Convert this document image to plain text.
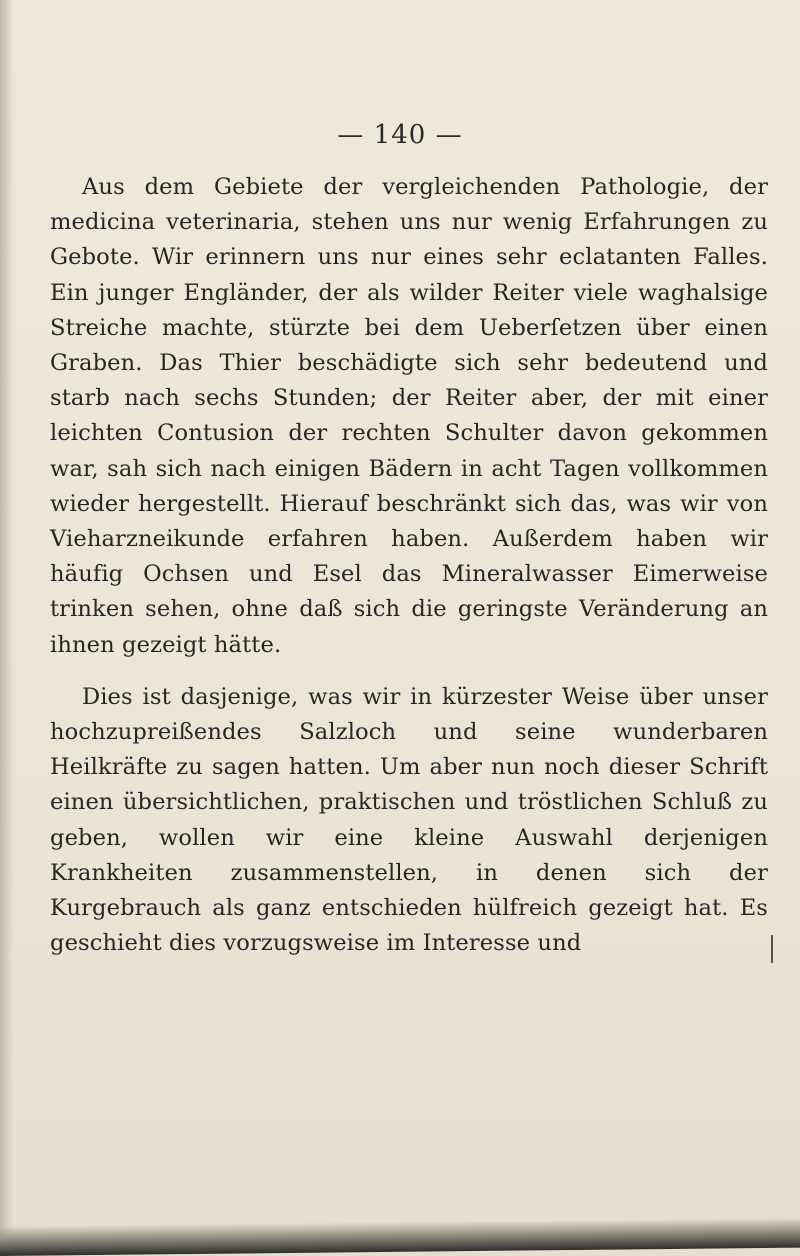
— 140 —

Aus dem Gebiete der vergleichenden Pathologie, der medicina veterinaria, stehen uns nur wenig Erfahrungen zu Gebote. Wir erinnern uns nur eines sehr eclatanten Falles. Ein junger Engländer, der als wilder Reiter viele waghalsige Streiche machte, stürzte bei dem Ueberſetzen über einen Graben. Das Thier beschädigte sich sehr bedeutend und starb nach sechs Stunden; der Reiter aber, der mit einer leichten Contusion der rechten Schulter davon gekommen war, sah sich nach einigen Bädern in acht Tagen vollkommen wieder hergestellt. Hierauf beschränkt sich das, was wir von Vieharzneikunde erfahren haben. Außerdem haben wir häufig Ochsen und Esel das Mineralwasser Eimerweise trinken sehen, ohne daß sich die geringste Veränderung an ihnen gezeigt hätte.

Dies ist dasjenige, was wir in kürzester Weise über unser hochzupreißendes Salzloch und seine wunderbaren Heilkräfte zu sagen hatten. Um aber nun noch dieser Schrift einen übersichtlichen, praktischen und tröstlichen Schluß zu geben, wollen wir eine kleine Auswahl derjenigen Krankheiten zusammenstellen, in denen sich der Kurgebrauch als ganz entschieden hülfreich gezeigt hat. Es geschieht dies vorzugsweise im Interesse und
